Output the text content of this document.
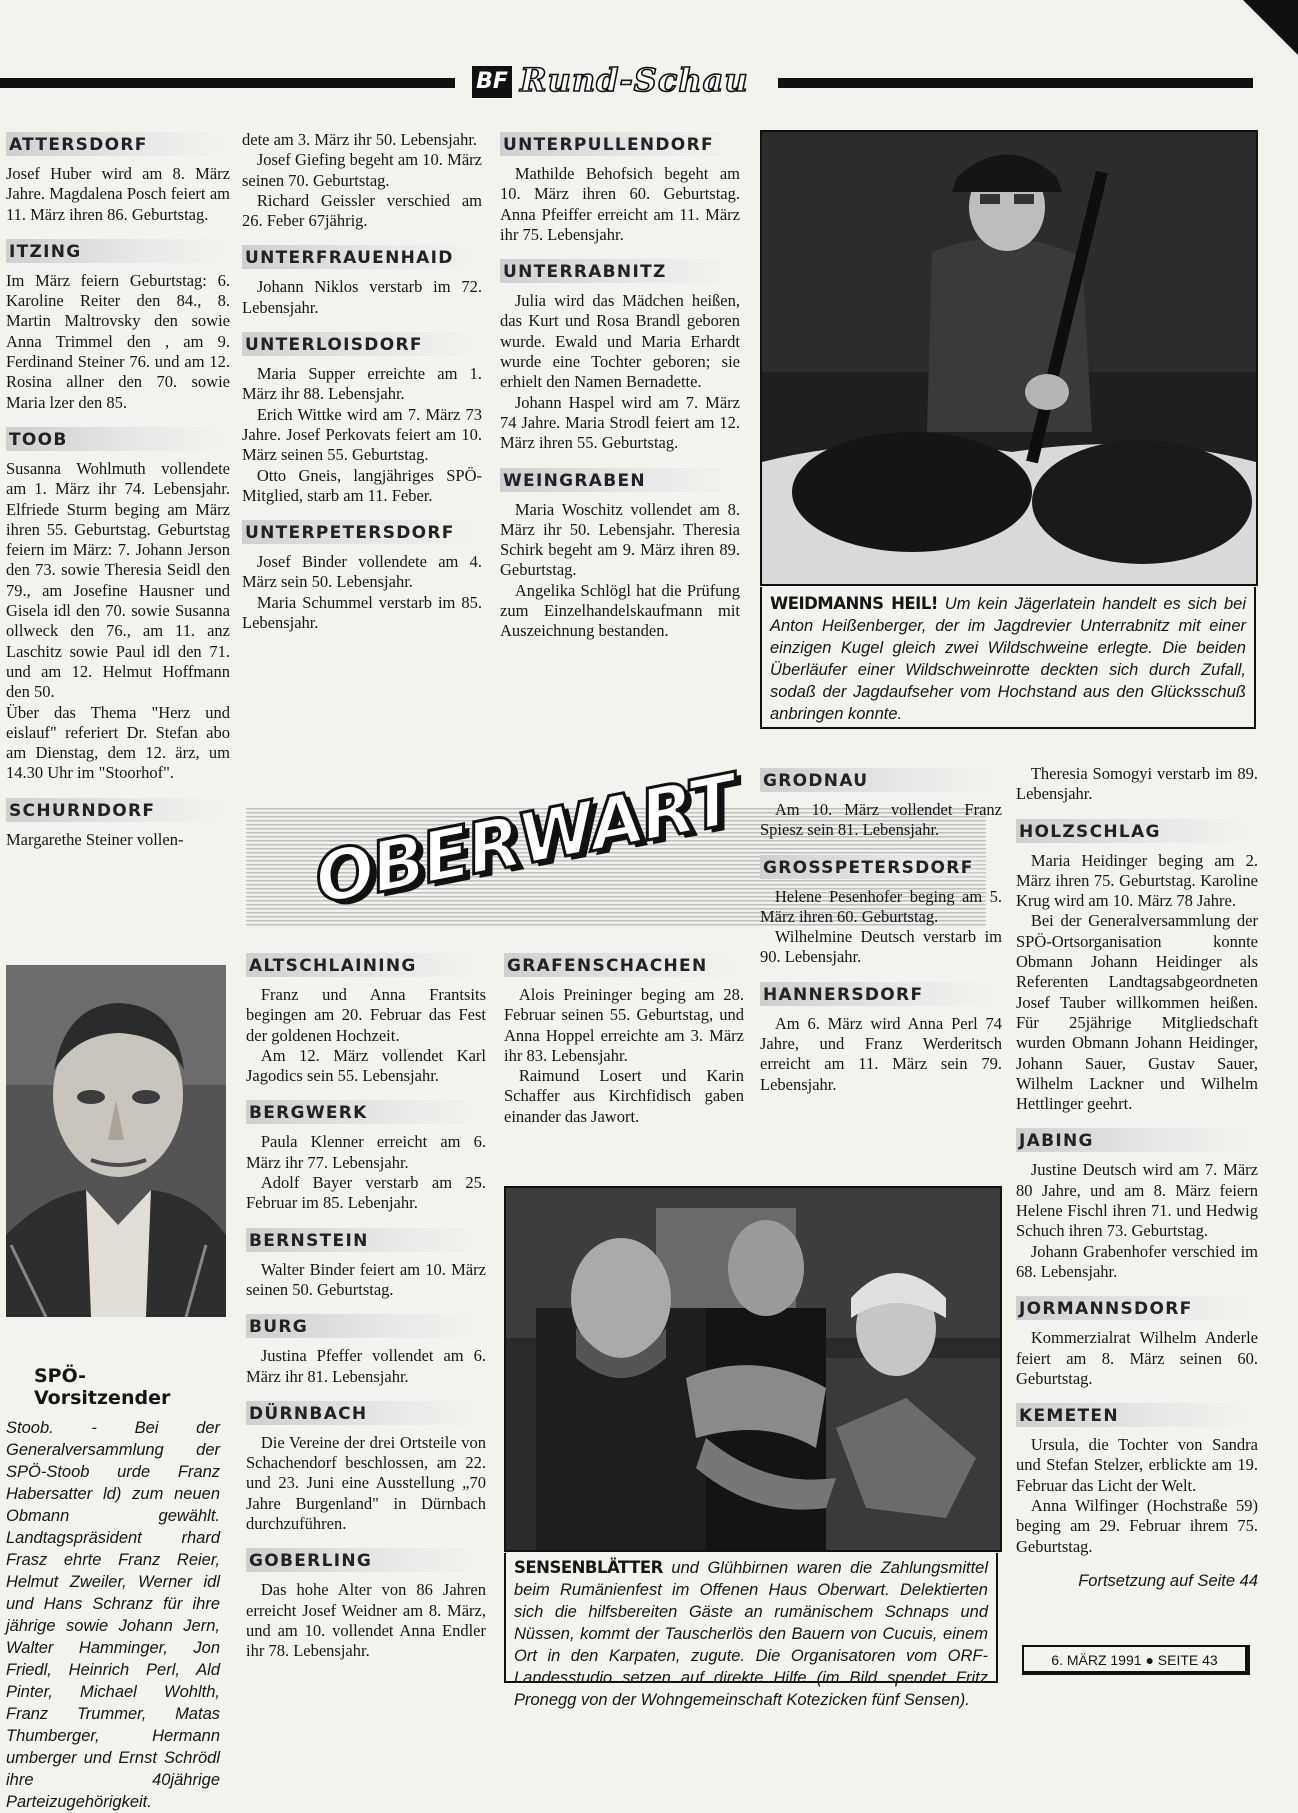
BF Rund-Schau
ATTERSDORF

Josef Huber wird am 8. März Jahre. Magdalena Posch feiert am 11. März ihren 86. Geburtstag.

ITZING

Im März feiern Geburtstag: 6. Karoline Reiter den 84., 8. Martin Maltrovsky den sowie Anna Trimmel den , am 9. Ferdinand Steiner 76. und am 12. Rosina allner den 70. sowie Maria lzer den 85.

TOOB

Susanna Wohlmuth vollendete am 1. März ihr 74. Lebensjahr. Elfriede Sturm beging am März ihren 55. Geburtstag. Geburtstag feiern im März: 7. Johann Jerson den 73. sowie Theresia Seidl den 79., am Josefine Hausner und Gisela idl den 70. sowie Susanna ollweck den 76., am 11. anz Laschitz sowie Paul idl den 71. und am 12. Helmut Hoffmann den 50.

Über das Thema "Herz und eislauf" referiert Dr. Stefan abo am Dienstag, dem 12. ärz, um 14.30 Uhr im "Stoorhof".

SCHURNDORF

Margarethe Steiner vollen-

SPÖ-Vorsitzender
Stoob. - Bei der Generalversammlung der SPÖ-Stoob urde Franz Habersatter ld) zum neuen Obmann gewählt. Landtagspräsident rhard Frasz ehrte Franz Reier, Helmut Zweiler, Werner idl und Hans Schranz für ihre jährige sowie Johann Jern, Walter Hamminger, Jon Friedl, Heinrich Perl, Ald Pinter, Michael Wohlth, Franz Trummer, Matas Thumberger, Hermann umberger und Ernst Schrödl ihre 40jährige Parteizugehörigkeit.

dete am 3. März ihr 50. Lebensjahr.

Josef Giefing begeht am 10. März seinen 70. Geburtstag.

Richard Geissler verschied am 26. Feber 67jährig.

UNTERFRAUENHAID

Johann Niklos verstarb im 72. Lebensjahr.

UNTERLOISDORF

Maria Supper erreichte am 1. März ihr 88. Lebensjahr.

Erich Wittke wird am 7. März 73 Jahre. Josef Perkovats feiert am 10. März seinen 55. Geburtstag.

Otto Gneis, langjähriges SPÖ-Mitglied, starb am 11. Feber.

UNTERPETERSDORF

Josef Binder vollendete am 4. März sein 50. Lebensjahr.

Maria Schummel verstarb im 85. Lebensjahr.

UNTERPULLENDORF

Mathilde Behofsich begeht am 10. März ihren 60. Geburtstag. Anna Pfeiffer erreicht am 11. März ihr 75. Lebensjahr.

UNTERRABNITZ

Julia wird das Mädchen heißen, das Kurt und Rosa Brandl geboren wurde. Ewald und Maria Erhardt wurde eine Tochter geboren; sie erhielt den Namen Bernadette.

Johann Haspel wird am 7. März 74 Jahre. Maria Strodl feiert am 12. März ihren 55. Geburtstag.

WEINGRABEN

Maria Woschitz vollendet am 8. März ihr 50. Lebensjahr. Theresia Schirk begeht am 9. März ihren 89. Geburtstag.

Angelika Schlögl hat die Prüfung zum Einzelhandelskaufmann mit Auszeichnung bestanden.

WEIDMANNS HEIL! Um kein Jägerlatein handelt es sich bei Anton Heißenberger, der im Jagdrevier Unterrabnitz mit einer einzigen Kugel gleich zwei Wildschweine erlegte. Die beiden Überläufer einer Wildschweinrotte deckten sich durch Zufall, sodaß der Jagdaufseher vom Hochstand aus den Glücksschuß anbringen konnte.
OBERWART
ALTSCHLAINING

Franz und Anna Frantsits begingen am 20. Februar das Fest der goldenen Hochzeit.

Am 12. März vollendet Karl Jagodics sein 55. Lebensjahr.

BERGWERK

Paula Klenner erreicht am 6. März ihr 77. Lebensjahr.

Adolf Bayer verstarb am 25. Februar im 85. Lebenjahr.

BERNSTEIN

Walter Binder feiert am 10. März seinen 50. Geburtstag.

BURG

Justina Pfeffer vollendet am 6. März ihr 81. Lebensjahr.

DÜRNBACH

Die Vereine der drei Ortsteile von Schachendorf beschlossen, am 22. und 23. Juni eine Ausstellung „70 Jahre Burgenland" in Dürnbach durchzuführen.

GOBERLING

Das hohe Alter von 86 Jahren erreicht Josef Weidner am 8. März, und am 10. vollendet Anna Endler ihr 78. Lebensjahr.

GRAFENSCHACHEN

Alois Preininger beging am 28. Februar seinen 55. Geburtstag, und Anna Hoppel erreichte am 3. März ihr 83. Lebensjahr.

Raimund Losert und Karin Schaffer aus Kirchfidisch gaben einander das Jawort.

GRODNAU

Am 10. März vollendet Franz Spiesz sein 81. Lebensjahr.

GROSSPETERSDORF

Helene Pesenhofer beging am 5. März ihren 60. Geburtstag.

Wilhelmine Deutsch verstarb im 90. Lebensjahr.

HANNERSDORF

Am 6. März wird Anna Perl 74 Jahre, und Franz Werderitsch erreicht am 11. März sein 79. Lebensjahr.

Theresia Somogyi verstarb im 89. Lebensjahr.

HOLZSCHLAG

Maria Heidinger beging am 2. März ihren 75. Geburtstag. Karoline Krug wird am 10. März 78 Jahre.

Bei der Generalversammlung der SPÖ-Ortsorganisation konnte Obmann Johann Heidinger als Referenten Landtagsabgeordneten Josef Tauber willkommen heißen. Für 25jährige Mitgliedschaft wurden Obmann Johann Heidinger, Johann Sauer, Gustav Sauer, Wilhelm Lackner und Wilhelm Hettlinger geehrt.

JABING

Justine Deutsch wird am 7. März 80 Jahre, und am 8. März feiern Helene Fischl ihren 71. und Hedwig Schuch ihren 73. Geburtstag.

Johann Grabenhofer verschied im 68. Lebensjahr.

JORMANNSDORF

Kommerzialrat Wilhelm Anderle feiert am 8. März seinen 60. Geburtstag.

KEMETEN

Ursula, die Tochter von Sandra und Stefan Stelzer, erblickte am 19. Februar das Licht der Welt.

Anna Wilfinger (Hochstraße 59) beging am 29. Februar ihrem 75. Geburtstag.

Fortsetzung auf Seite 44
SENSENBLÄTTER und Glühbirnen waren die Zahlungsmittel beim Rumänienfest im Offenen Haus Oberwart. Delektierten sich die hilfsbereiten Gäste an rumänischem Schnaps und Nüssen, kommt der Tauscherlös den Bauern von Cucuis, einem Ort in den Karpaten, zugute. Die Organisatoren vom ORF-Landesstudio setzen auf direkte Hilfe (im Bild spendet Fritz Pronegg von der Wohngemeinschaft Kotezicken fünf Sensen).
6. MÄRZ 1991 ● SEITE 43
